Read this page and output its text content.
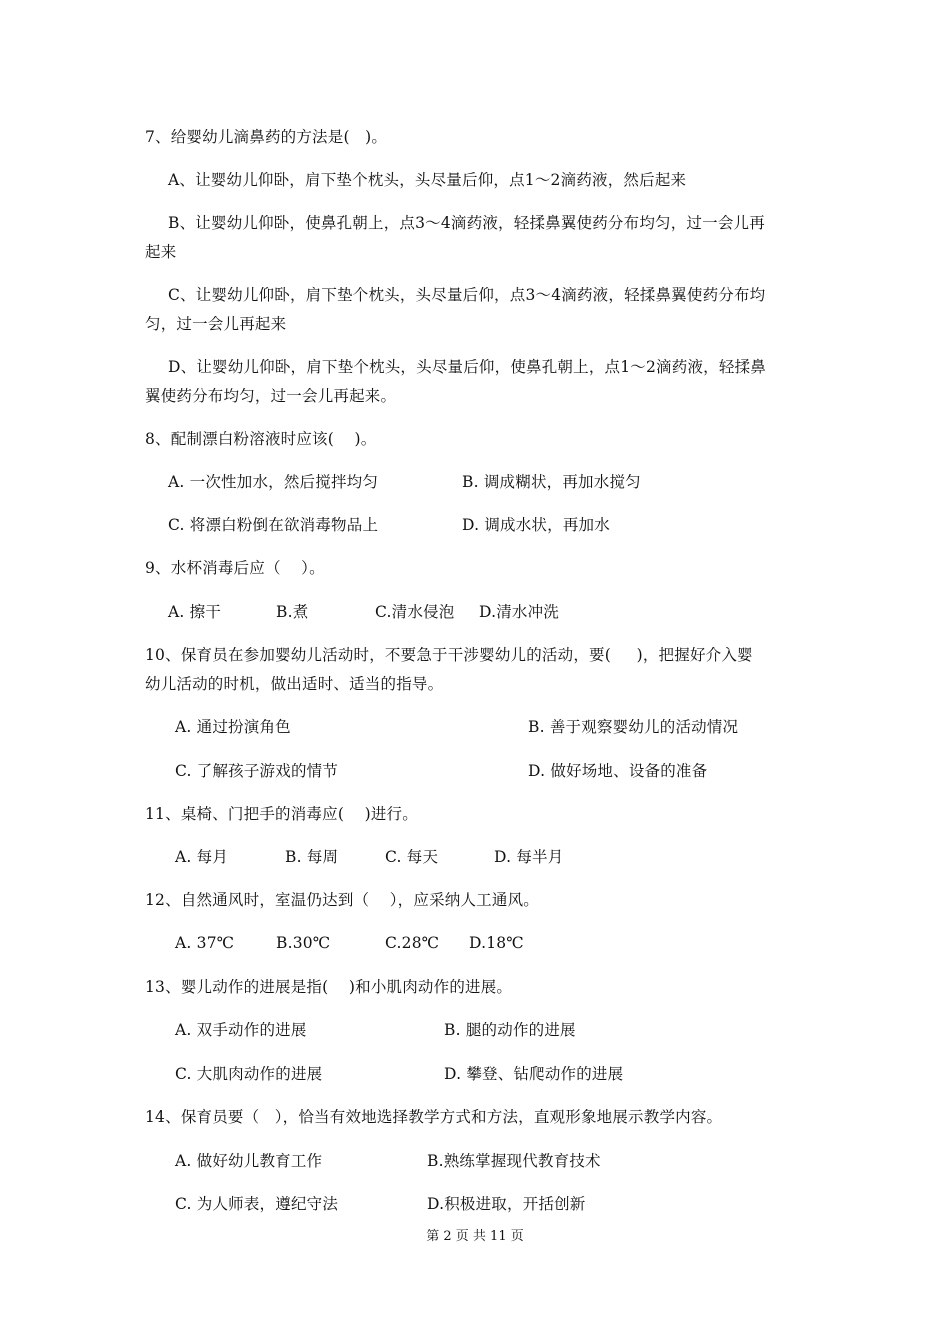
7、给婴幼儿滴鼻药的方法是(   )。
A、让婴幼儿仰卧，肩下垫个枕头，头尽量后仰，点1～2滴药液，然后起来
B、让婴幼儿仰卧，使鼻孔朝上，点3～4滴药液，轻揉鼻翼使药分布均匀，过一会儿再
起来
C、让婴幼儿仰卧，肩下垫个枕头，头尽量后仰，点3～4滴药液，轻揉鼻翼使药分布均
匀，过一会儿再起来
D、让婴幼儿仰卧，肩下垫个枕头，头尽量后仰，使鼻孔朝上，点1～2滴药液，轻揉鼻
翼使药分布均匀，过一会儿再起来。
8、配制漂白粉溶液时应该(    )。
A. 一次性加水，然后搅拌均匀	B. 调成糊状，再加水搅匀
C. 将漂白粉倒在欲消毒物品上	D. 调成水状，再加水
9、水杯消毒后应（    ）。
A. 擦干	B.煮	C.清水侵泡 D.清水冲洗
10、保育员在参加婴幼儿活动时，不要急于干涉婴幼儿的活动，要(     )，把握好介入婴
幼儿活动的时机，做出适时、适当的指导。
A. 通过扮演角色	B. 善于观察婴幼儿的活动情况
C. 了解孩子游戏的情节	D. 做好场地、设备的准备
11、桌椅、门把手的消毒应(    )进行。
A. 每月	B. 每周	C. 每天	D. 每半月
12、自然通风时，室温仍达到（    ），应采纳人工通风。
A. 37℃	B.30℃	C.28℃ D.18℃
13、婴儿动作的进展是指(    )和小肌肉动作的进展。
A. 双手动作的进展	B. 腿的动作的进展
C. 大肌肉动作的进展	D. 攀登、钻爬动作的进展
14、保育员要（   ），恰当有效地选择教学方式和方法，直观形象地展示教学内容。
A. 做好幼儿教育工作	B.熟练掌握现代教育技术
C. 为人师表，遵纪守法	D.积极进取，开括创新
第 2 页 共 11 页
